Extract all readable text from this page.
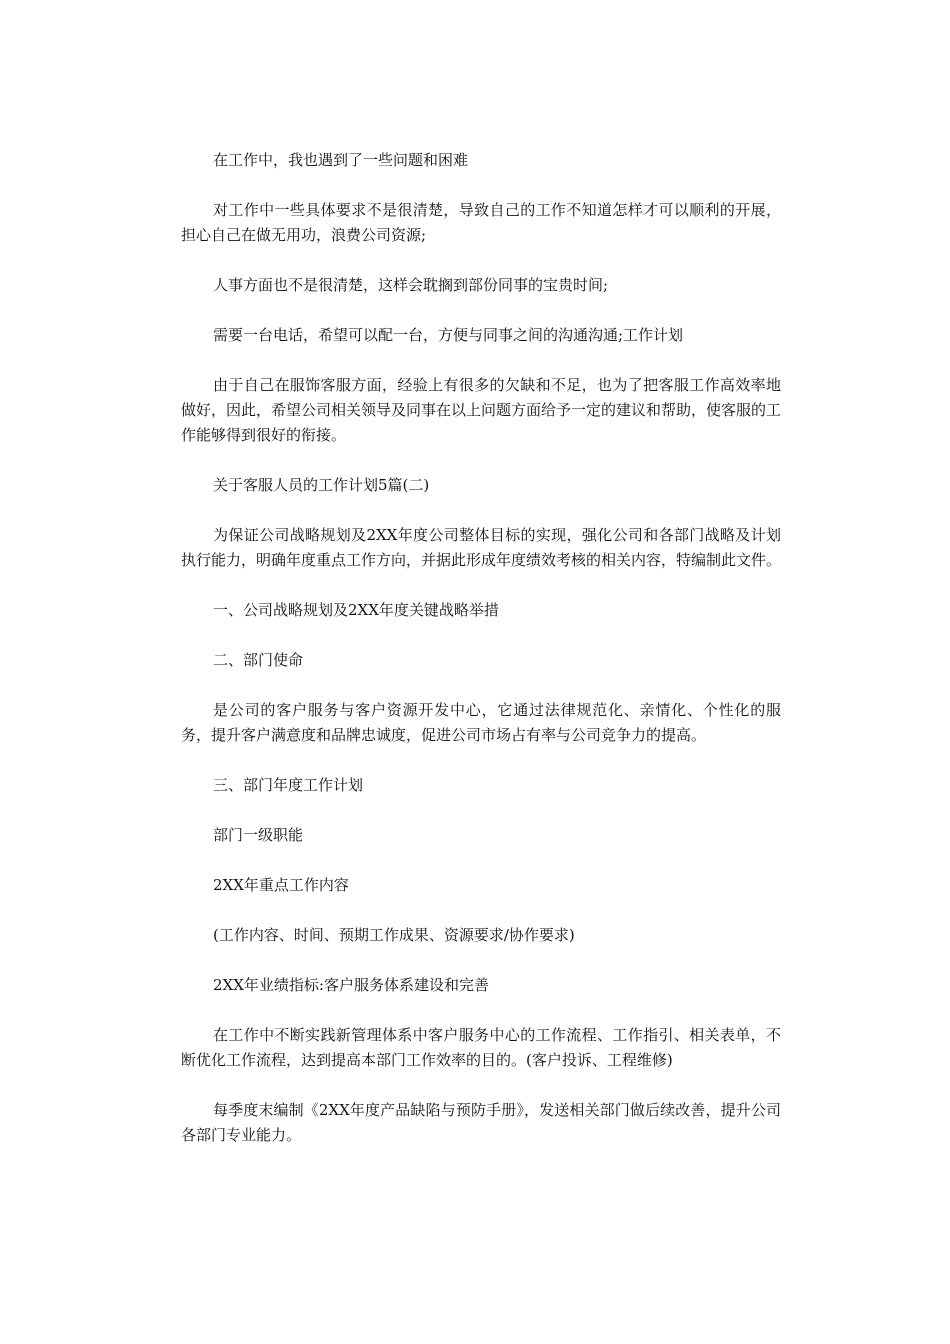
在工作中，我也遇到了一些问题和困难

对工作中一些具体要求不是很清楚，导致自己的工作不知道怎样才可以顺利的开展，担心自己在做无用功，浪费公司资源;

人事方面也不是很清楚，这样会耽搁到部份同事的宝贵时间;

需要一台电话，希望可以配一台，方便与同事之间的沟通沟通;工作计划

由于自己在服饰客服方面，经验上有很多的欠缺和不足，也为了把客服工作高效率地做好，因此，希望公司相关领导及同事在以上问题方面给予一定的建议和帮助，使客服的工作能够得到很好的衔接。

关于客服人员的工作计划5篇(二)

为保证公司战略规划及2XX年度公司整体目标的实现，强化公司和各部门战略及计划执行能力，明确年度重点工作方向，并据此形成年度绩效考核的相关内容，特编制此文件。

一、公司战略规划及2XX年度关键战略举措

二、部门使命

是公司的客户服务与客户资源开发中心，它通过法律规范化、亲情化、个性化的服务，提升客户满意度和品牌忠诚度，促进公司市场占有率与公司竞争力的提高。

三、部门年度工作计划

部门一级职能

2XX年重点工作内容

(工作内容、时间、预期工作成果、资源要求/协作要求)

2XX年业绩指标:客户服务体系建设和完善

在工作中不断实践新管理体系中客户服务中心的工作流程、工作指引、相关表单，不断优化工作流程，达到提高本部门工作效率的目的。(客户投诉、工程维修)

每季度末编制《2XX年度产品缺陷与预防手册》，发送相关部门做后续改善，提升公司各部门专业能力。
